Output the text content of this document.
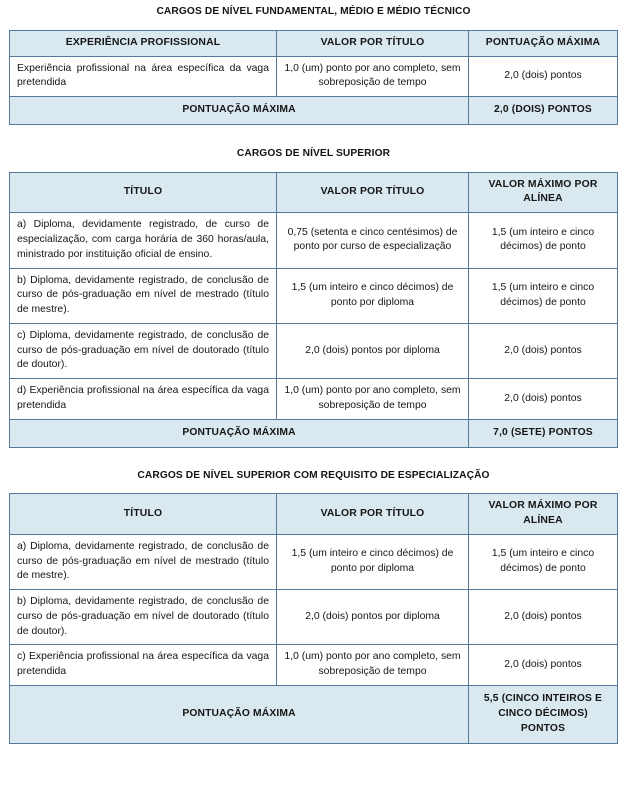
CARGOS DE NÍVEL FUNDAMENTAL, MÉDIO E MÉDIO TÉCNICO
EXPERIÊNCIA PROFISSIONAL	VALOR POR TÍTULO	PONTUAÇÃO MÁXIMA
Experiência profissional na área específica da vaga pretendida	1,0 (um) ponto por ano completo, sem sobreposição de tempo	2,0 (dois) pontos
PONTUAÇÃO MÁXIMA		2,0 (DOIS) PONTOS
CARGOS DE NÍVEL SUPERIOR
TÍTULO	VALOR POR TÍTULO	VALOR MÁXIMO POR ALÍNEA
a) Diploma, devidamente registrado, de curso de especialização, com carga horária de 360 horas/aula, ministrado por instituição oficial de ensino.	0,75 (setenta e cinco centésimos) de ponto por curso de especialização	1,5 (um inteiro e cinco décimos) de ponto
b) Diploma, devidamente registrado, de conclusão de curso de pós-graduação em nível de mestrado (título de mestre).	1,5 (um inteiro e cinco décimos) de ponto por diploma	1,5 (um inteiro e cinco décimos) de ponto
c) Diploma, devidamente registrado, de conclusão de curso de pós-graduação em nível de doutorado (título de doutor).	2,0 (dois) pontos por diploma	2,0 (dois) pontos
d) Experiência profissional na área específica da vaga pretendida	1,0 (um) ponto por ano completo, sem sobreposição de tempo	2,0 (dois) pontos
PONTUAÇÃO MÁXIMA		7,0 (SETE) PONTOS
CARGOS DE NÍVEL SUPERIOR COM REQUISITO DE ESPECIALIZAÇÃO
TÍTULO	VALOR POR TÍTULO	VALOR MÁXIMO POR ALÍNEA
a) Diploma, devidamente registrado, de conclusão de curso de pós-graduação em nível de mestrado (título de mestre).	1,5 (um inteiro e cinco décimos) de ponto por diploma	1,5 (um inteiro e cinco décimos) de ponto
b) Diploma, devidamente registrado, de conclusão de curso de pós-graduação em nível de doutorado (título de doutor).	2,0 (dois) pontos por diploma	2,0 (dois) pontos
c) Experiência profissional na área específica da vaga pretendida	1,0 (um) ponto por ano completo, sem sobreposição de tempo	2,0 (dois) pontos
PONTUAÇÃO MÁXIMA		5,5 (CINCO INTEIROS E CINCO DÉCIMOS) PONTOS
